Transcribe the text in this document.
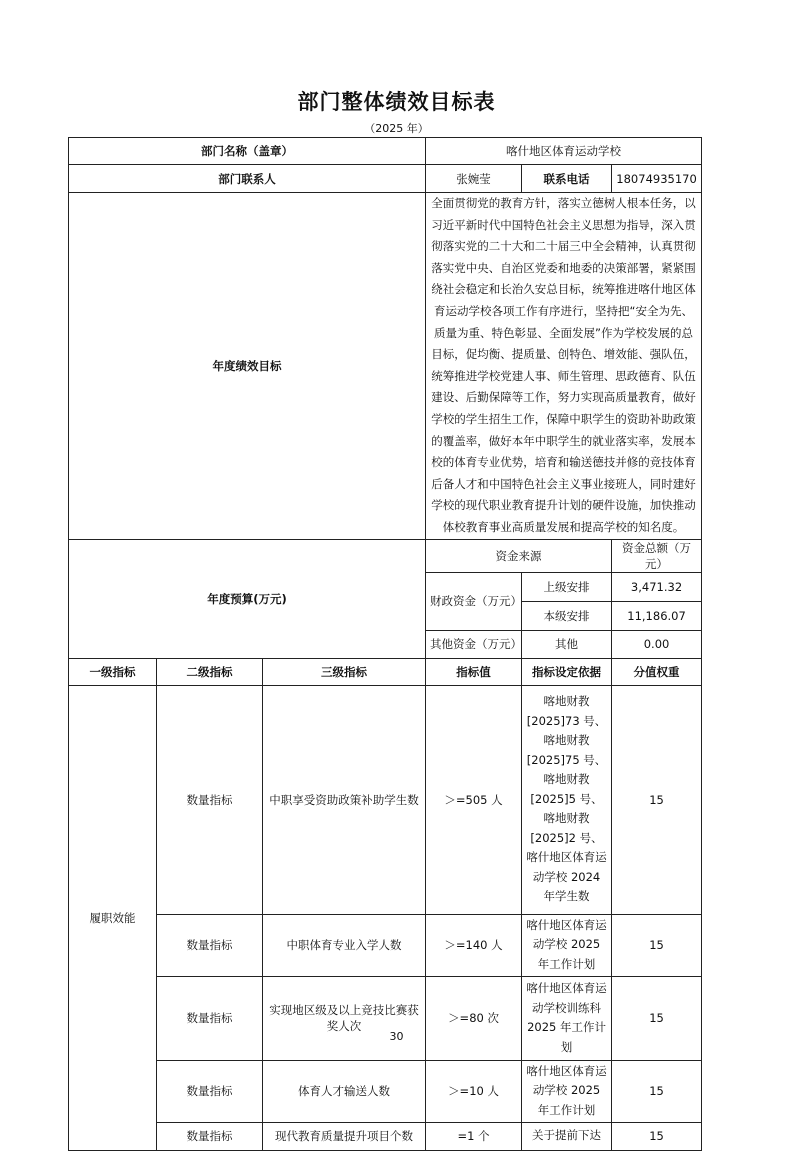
部门整体绩效目标表
（2025 年）
部门名称（盖章）			喀什地区体育运动学校		
部门联系人			张婉莹	联系电话	18074935170
年度绩效目标			全面贯彻党的教育方针，落实立德树人根本任务，以习近平新时代中国特色社会主义思想为指导，深入贯彻落实党的二十大和二十届三中全会精神，认真贯彻落实党中央、自治区党委和地委的决策部署，紧紧围绕社会稳定和长治久安总目标，统筹推进喀什地区体育运动学校各项工作有序进行，坚持把“安全为先、质量为重、特色彰显、全面发展”作为学校发展的总目标，促均衡、提质量、创特色、增效能、强队伍，统筹推进学校党建人事、师生管理、思政德育、队伍建设、后勤保障等工作，努力实现高质量教育，做好学校的学生招生工作，保障中职学生的资助补助政策的覆盖率，做好本年中职学生的就业落实率，发展本校的体育专业优势，培育和输送德技并修的竞技体育后备人才和中国特色社会主义事业接班人，同时建好学校的现代职业教育提升计划的硬件设施，加快推动体校教育事业高质量发展和提高学校的知名度。		
年度预算(万元)			资金来源		资金总额（万元）
			财政资金（万元）	上级安排	3,471.32
				本级安排	11,186.07
			其他资金（万元）	其他	0.00
一级指标	二级指标	三级指标	指标值	指标设定依据	分值权重
履职效能	数量指标	中职享受资助政策补助学生数	＞=505 人	喀地财教[2025]73 号、喀地财教[2025]75 号、喀地财教[2025]5 号、喀地财教[2025]2 号、喀什地区体育运动学校 2024 年学生数	15
	数量指标	中职体育专业入学人数	＞=140 人	喀什地区体育运动学校 2025 年工作计划	15
	数量指标	实现地区级及以上竞技比赛获奖人次	＞=80 次	喀什地区体育运动学校训练科 2025 年工作计划	15
	数量指标	体育人才输送人数	＞=10 人	喀什地区体育运动学校 2025 年工作计划	15
	数量指标	现代教育质量提升项目个数	=1 个	关于提前下达	15
30
